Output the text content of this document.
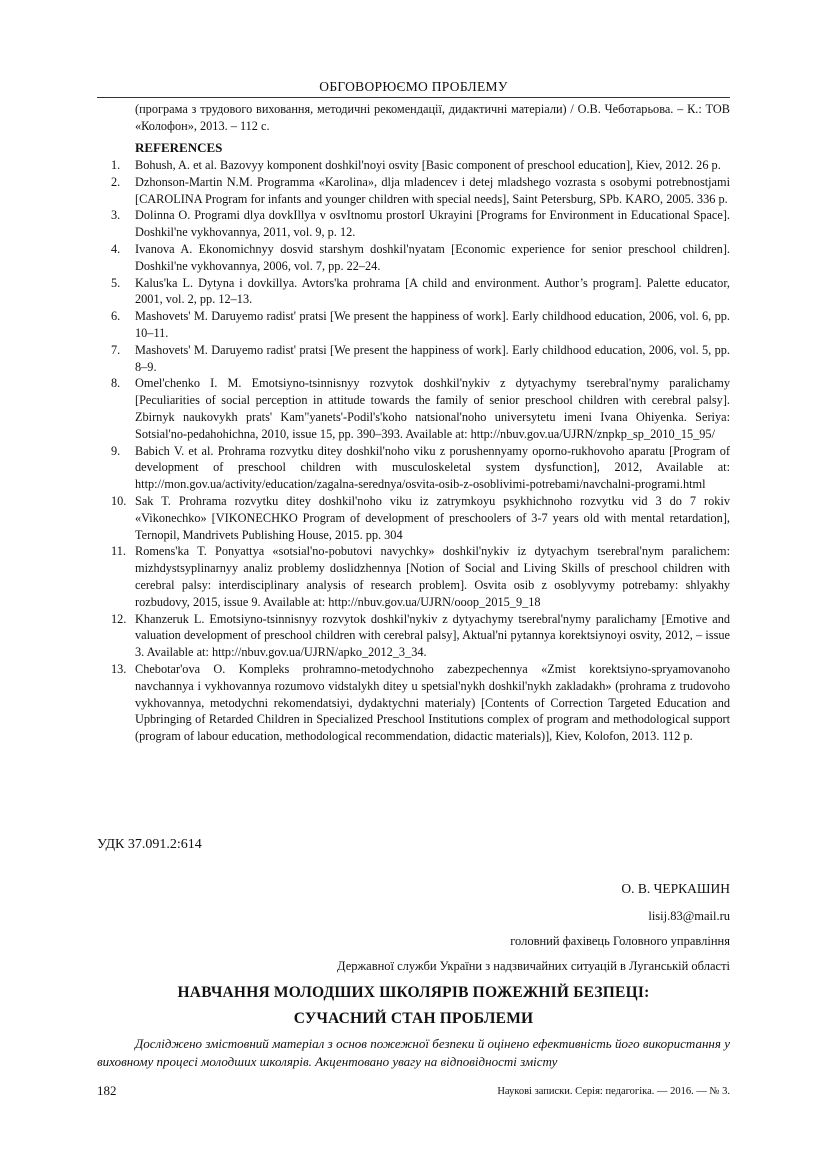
ОБГОВОРЮЄМО ПРОБЛЕМУ
(програма з трудового виховання, методичні рекомендації, дидактичні матеріали) / О.В. Чеботарьова. – К.: ТОВ «Колофон», 2013. – 112 с.
REFERENCES
1. Bohush, A. et al. Bazovyy komponent doshkil'noyi osvity [Basic component of preschool education], Kiev, 2012. 26 p.
2. Dzhonson-Martin N.M. Programma «Karolina», dlja mladencev i detej mladshego vozrasta s osobymi potrebnostjami [CAROLINA Program for infants and younger children with special needs], Saint Petersburg, SPb. KARO, 2005. 336 p.
3. Dolinna O. Programi dlya dovkIllya v osvItnomu prostorI Ukrayini [Programs for Environment in Educational Space]. Doshkil'ne vykhovannya, 2011, vol. 9, p. 12.
4. Ivanova A. Ekonomichnyy dosvid starshym doshkil'nyatam [Economic experience for senior preschool children]. Doshkil'ne vykhovannya, 2006, vol. 7, pp. 22–24.
5. Kalus'ka L. Dytyna i dovkillya. Avtors'ka prohrama [A child and environment. Author’s program]. Palette educator, 2001, vol. 2, pp. 12–13.
6. Mashovets' M. Daruyemo radist' pratsi [We present the happiness of work]. Early childhood education, 2006, vol. 6, pp. 10–11.
7. Mashovets' M. Daruyemo radist' pratsi [We present the happiness of work]. Early childhood education, 2006, vol. 5, pp. 8–9.
8. Omel'chenko I. M. Emotsiyno-tsinnisnyy rozvytok doshkil'nykiv z dytyachymy tserebral'nymy paralichamy [Peculiarities of social perception in attitude towards the family of senior preschool children with cerebral palsy]. Zbirnyk naukovykh prats' Kam"yanets'-Podil's'koho natsional'noho universytetu imeni Ivana Ohiyenka. Seriya: Sotsial'no-pedahohichna, 2010, issue 15, pp. 390–393. Available at: http://nbuv.gov.ua/UJRN/znpkp_sp_2010_15_95/
9. Babich V. et al. Prohrama rozvytku ditey doshkil'noho viku z porushennyamy oporno-rukhovoho aparatu [Program of development of preschool children with musculoskeletal system dysfunction], 2012, Available at: http://mon.gov.ua/activity/education/zagalna-serednya/osvita-osib-z-osoblivimi-potrebami/navchalni-programi.html
10. Sak T. Prohrama rozvytku ditey doshkil'noho viku iz zatrymkoyu psykhichnoho rozvytku vid 3 do 7 rokiv «Vikonechko» [VIKONECHKO Program of development of preschoolers of 3-7 years old with mental retardation], Ternopil, Mandrivets Publishing House, 2015. pp. 304
11. Romens'ka T. Ponyattya «sotsial'no-pobutovi navychky» doshkil'nykiv iz dytyachym tserebral'nym paralichem: mizhdystsyplinarnyy analiz problemy doslidzhennya [Notion of Social and Living Skills of preschool children with cerebral palsy: interdisciplinary analysis of research problem]. Osvita osib z osoblyvymy potrebamy: shlyakhy rozbudovy, 2015, issue 9. Available at: http://nbuv.gov.ua/UJRN/ooop_2015_9_18
12. Khanzeruk L. Emotsiyno-tsinnisnyy rozvytok doshkil'nykiv z dytyachymy tserebral'nymy paralichamy [Emotive and valuation development of preschool children with cerebral palsy], Aktual'ni pytannya korektsiynoyi osvity, 2012, – issue 3. Available at: http://nbuv.gov.ua/UJRN/apko_2012_3_34.
13. Chebotar'ova O. Kompleks prohramno-metodychnoho zabezpechennya «Zmist korektsiyno-spryamovanoho navchannya i vykhovannya rozumovo vidstalykh ditey u spetsial'nykh doshkil'nykh zakladakh» (prohrama z trudovoho vykhovannya, metodychni rekomendatsiyi, dydaktychni materialy) [Contents of Correction Targeted Education and Upbringing of Retarded Children in Specialized Preschool Institutions complex of program and methodological support (program of labour education, methodological recommendation, didactic materials)], Kiev, Kolofon, 2013. 112 p.
УДК 37.091.2:614
О. В. ЧЕРКАШИН
lisij.83@mail.ru
головний фахівець Головного управління
Державної служби України з надзвичайних ситуацій в Луганській області
НАВЧАННЯ МОЛОДШИХ ШКОЛЯРІВ ПОЖЕЖНІЙ БЕЗПЕЦІ:
СУЧАСНИЙ СТАН ПРОБЛЕМИ
Досліджено змістовний матеріал з основ пожежної безпеки й оцінено ефективність його використання у виховному процесі молодших школярів. Акцентовано увагу на відповідності змісту
182	Наукові записки. Серія: педагогіка. — 2016. — № 3.
